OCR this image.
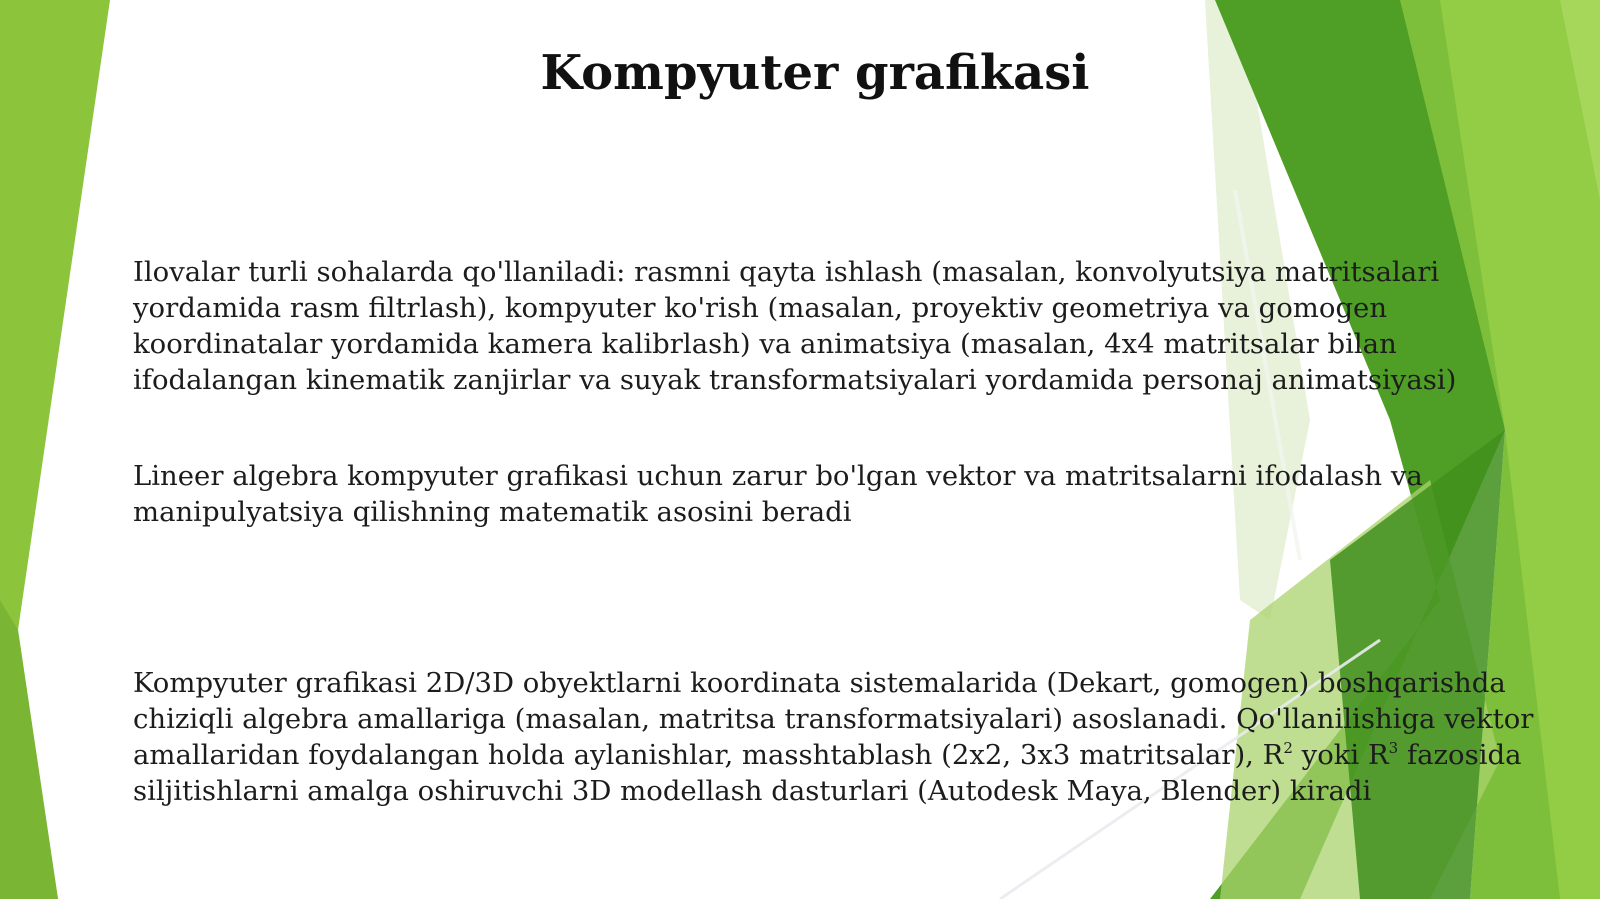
Kompyuter grafikasi

Ilovalar turli sohalarda qo'llaniladi: rasmni qayta ishlash (masalan, konvolyutsiya matritsalari yordamida rasm filtrlash), kompyuter ko'rish (masalan, proyektiv geometriya va gomogen koordinatalar yordamida kamera kalibrlash) va animatsiya (masalan, 4x4 matritsalar bilan ifodalangan kinematik zanjirlar va suyak transformatsiyalari yordamida personaj animatsiyasi)

Lineer algebra kompyuter grafikasi uchun zarur bo'lgan vektor va matritsalarni ifodalash va manipulyatsiya qilishning matematik asosini beradi

Kompyuter grafikasi 2D/3D obyektlarni koordinata sistemalarida (Dekart, gomogen) boshqarishda chiziqli algebra amallariga (masalan, matritsa transformatsiyalari) asoslanadi. Qo'llanilishiga vektor amallaridan foydalangan holda aylanishlar, masshtablash (2x2, 3x3 matritsalar), $R^2$ yoki $R^3$ fazosida siljitishlarni amalga oshiruvchi 3D modellash dasturlari (Autodesk Maya, Blender) kiradi
